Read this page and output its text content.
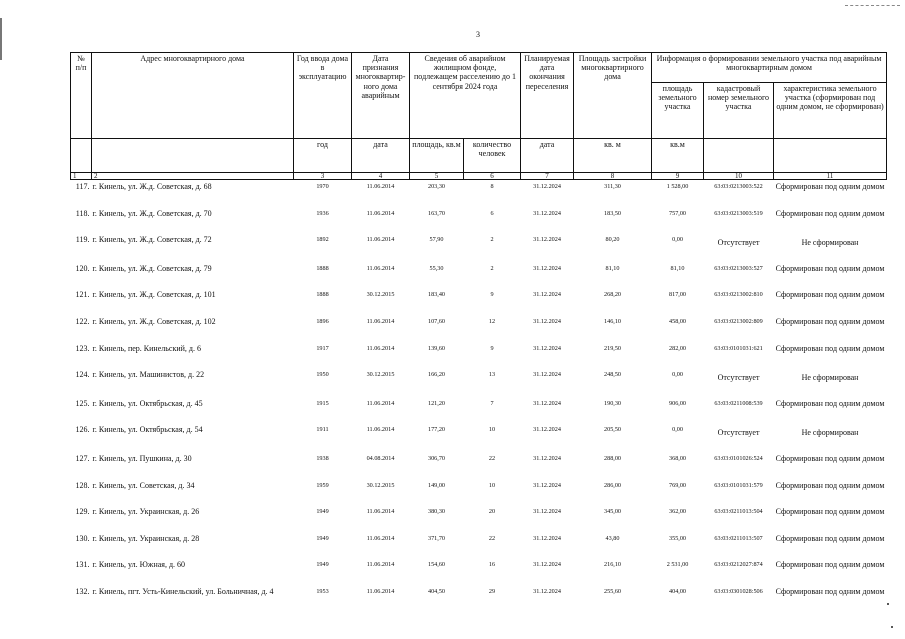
3
№ п/п	Адрес многоквартирного дома	Год ввода дома в эксплуатацию	Дата признания многоквартир-ного дома аварийным	Сведения об аварийном жилищном фонде, подлежащем расселению до 1 сентября 2024 года		Планируемая дата окончания переселения	Площадь застройки многоквартирного дома	Информация о формировании земельного участка под аварийным многоквартирным домом		
								площадь земельного участка	кадастровый номер земельного участка	характеристика земельного участка (сформирован под одним домом, не сформирован)
		год	дата	площадь, кв.м	количество человек	дата	кв. м	кв.м		
1	2	3	4	5	6	7	8	9	10	11
117.	г. Кинель, ул. Ж.д. Советская, д. 68	1970	11.06.2014	203,30	8	31.12.2024	311,30	1 528,00	63:03:0213003:522	Сформирован под одним домом
118.	г. Кинель, ул. Ж.д. Советская, д. 70	1936	11.06.2014	163,70	6	31.12.2024	183,50	757,00	63:03:0213003:519	Сформирован под одним домом
119.	г. Кинель, ул. Ж.д. Советская, д. 72	1892	11.06.2014	57,90	2	31.12.2024	80,20	0,00	Отсутствует	Не сформирован
120.	г. Кинель, ул. Ж.д. Советская, д. 79	1888	11.06.2014	55,30	2	31.12.2024	81,10	81,10	63:03:0213003:527	Сформирован под одним домом
121.	г. Кинель, ул. Ж.д. Советская, д. 101	1888	30.12.2015	183,40	9	31.12.2024	268,20	817,00	63:03:0213002:810	Сформирован под одним домом
122.	г. Кинель, ул. Ж.д. Советская, д. 102	1896	11.06.2014	107,60	12	31.12.2024	146,10	458,00	63:03:0213002:809	Сформирован под одним домом
123.	г. Кинель, пер. Кинельский, д. 6	1917	11.06.2014	139,60	9	31.12.2024	219,50	282,00	63:03:0101031:621	Сформирован под одним домом
124.	г. Кинель, ул. Машинистов, д. 22	1950	30.12.2015	166,20	13	31.12.2024	248,50	0,00	Отсутствует	Не сформирован
125.	г. Кинель, ул. Октябрьская, д. 45	1915	11.06.2014	121,20	7	31.12.2024	190,30	906,00	63:03:0211008:539	Сформирован под одним домом
126.	г. Кинель, ул. Октябрьская, д. 54	1911	11.06.2014	177,20	10	31.12.2024	205,50	0,00	Отсутствует	Не сформирован
127.	г. Кинель, ул. Пушкина, д. 30	1938	04.08.2014	306,70	22	31.12.2024	288,00	368,00	63:03:0101026:524	Сформирован под одним домом
128.	г. Кинель, ул. Советская, д. 34	1959	30.12.2015	149,00	10	31.12.2024	286,00	769,00	63:03:0101031:579	Сформирован под одним домом
129.	г. Кинель, ул. Украинская, д. 26	1949	11.06.2014	380,30	20	31.12.2024	345,00	362,00	63:03:0211013:504	Сформирован под одним домом
130.	г. Кинель, ул. Украинская, д. 28	1949	11.06.2014	371,70	22	31.12.2024	43,80	355,00	63:03:0211013:507	Сформирован под одним домом
131.	г. Кинель, ул. Южная, д. 60	1949	11.06.2014	154,60	16	31.12.2024	216,10	2 531,00	63:03:0212027:874	Сформирован под одним домом
132.	г. Кинель, пгт. Усть-Кинельский, ул. Больничная, д. 4	1953	11.06.2014	404,50	29	31.12.2024	255,60	404,00	63:03:0301028:506	Сформирован под одним домом
